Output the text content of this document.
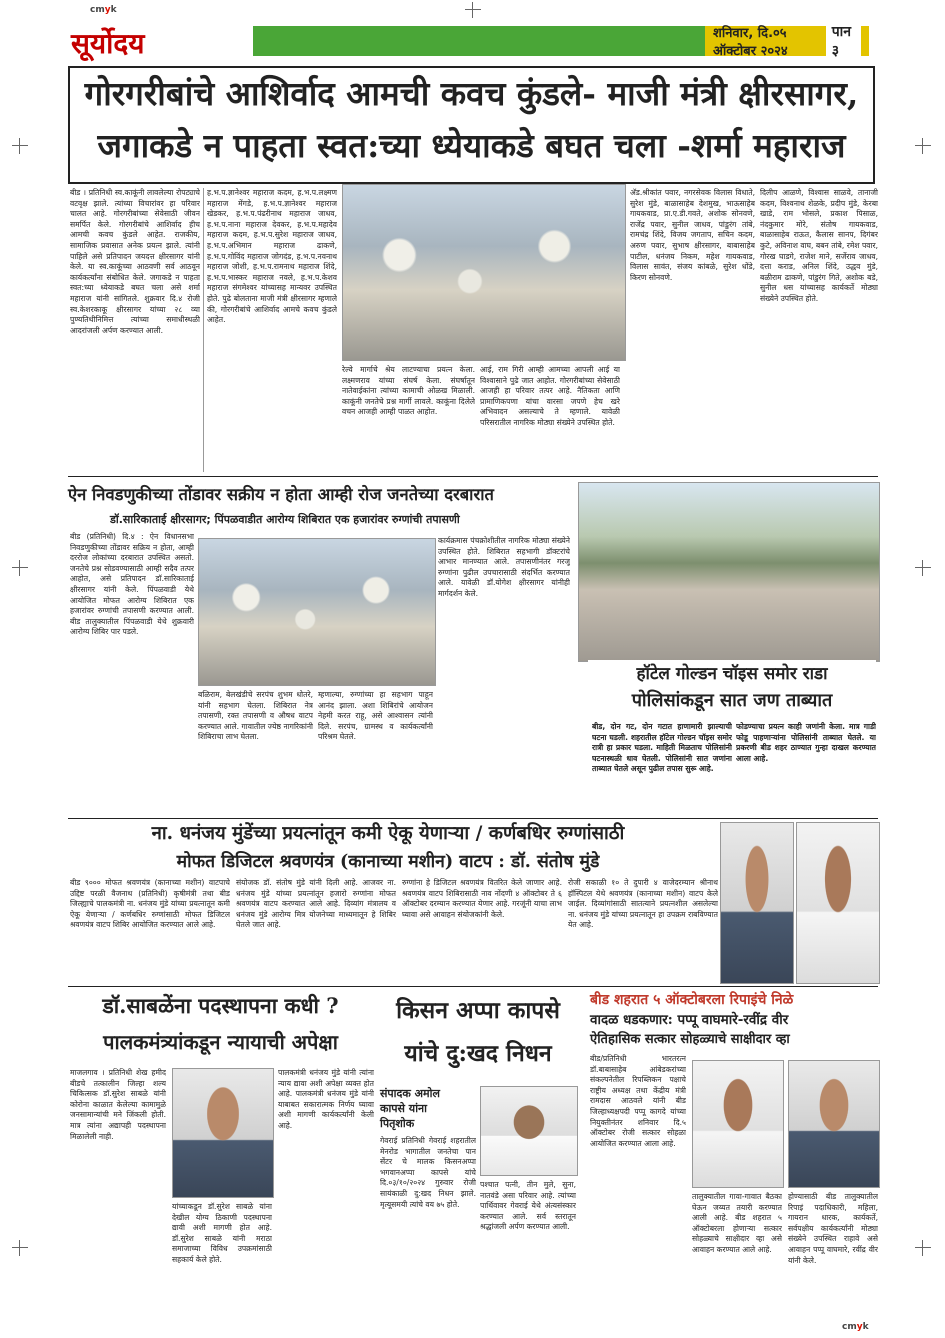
cmyk
cmyk
सूर्योदय	शनिवार, दि.०५ ऑक्टोबर २०२४
पान ३
गोरगरीबांचे आशिर्वाद आमची कवच कुंडले- माजी मंत्री क्षीरसागर,
जगाकडे न पाहता स्वत:च्या ध्येयाकडे बघत चला -शर्मा महाराज
बीड । प्रतिनिधी स्व.काकूंनी लावलेल्या रोपट्याचे वटवृक्ष झाले. त्यांच्या विचारांवर हा परिवार चालत आहे. गोरगरीबांच्या सेवेसाठी जीवन समर्पित केले. गोरगरीबांचे आशिर्वाद हीच आमची कवच कुंडले आहेत. राजकीय, सामाजिक प्रवासात अनेक प्रयत्न झाले. त्यांनी पाहिले असे प्रतिपादन जयदत्त क्षीरसागर यांनी केले. या स्व.काकूंच्या आठवणी सर्व आठवून कार्यकर्त्यांना संबोधित केले. जगाकडे न पाहता स्वत:च्या ध्येयाकडे बघत चला असे शर्मा महाराज यांनी सांगितले. शुक्रवार दि.४ रोजी स्व.केशरकाकू क्षीरसागर यांच्या २८ व्या पुण्यतिथीनिमित्त त्यांच्या समाधीस्थळी आदरांजली अर्पण करण्यात आली.
ह.भ.प.ज्ञानेश्वर महाराज कदम, ह.भ.प.लक्ष्मण महाराज मेंगडे, ह.भ.प.ज्ञानेश्वर महाराज खेडकर, ह.भ.प.पंढरीनाथ महाराज जाधव, ह.भ.प.नाना महाराज देवकर, ह.भ.प.महादेव महाराज कदम, ह.भ.प.सुरेश महाराज जाधव, ह.भ.प.अभिमान महाराज ढाकणे, ह.भ.प.गोविंद महाराज जोगदंड, ह.भ.प.नवनाथ महाराज जोशी, ह.भ.प.रामनाथ महाराज शिंदे, ह.भ.प.भास्कर महाराज नवले, ह.भ.प.केशव महाराज संगमेश्वर यांच्यासह मान्यवर उपस्थित होते. पुढे बोलताना माजी मंत्री क्षीरसागर म्हणाले की, गोरगरीबांचे आशिर्वाद आमचे कवच कुंडले आहेत.
रेल्वे मार्गाचे श्रेय लाटण्याचा प्रयत्न केला. लक्ष्मणराव यांच्या संघर्ष केला. संघर्षातून नातेवाईकांना त्यांच्या कामाची ओळख मिळाली. काकूंनी जनतेचे प्रश्न मार्गी लावले. काकूंना दिलेले वचन आजही आम्ही पाळत आहोत.
आई, राम गिरी आम्ही आमच्या आपली आई या विश्वासाने पुढे जात आहोत. गोरगरीबांच्या सेवेसाठी आजही हा परिवार तत्पर आहे. नैतिकता आणि प्रामाणिकपणा यांचा वारसा जपणे हेच खरे अभिवादन असल्याचे ते म्हणाले. यावेळी परिसरातील नागरिक मोठ्या संख्येने उपस्थित होते.
अ‍ॅड.श्रीकांत पवार, नगरसेवक विलास विधाते, सुरेश मुंडे, बाळासाहेब देशमुख, भाऊसाहेब गायकवाड, प्रा.ए.डी.गवते, अशोक सोनवणे, राजेंद्र पवार, सुनील जाधव, पांडुरंग तांबे, रामचंद्र शिंदे, विजय जगताप, सचिन कदम, अरुण पवार, सुभाष क्षीरसागर, बाबासाहेब पाटील, धनंजय निकम, महेश गायकवाड, विलास सावंत, संजय कांबळे, सुरेश धोंडे, किरण सोनवणे.
दिलीप आळणे, विश्वास साळवे, तानाजी कदम, विश्वनाथ शेळके, प्रदीप मुंडे, केरबा खाडे, राम भोसले, प्रकाश पिसाळ, नंदकुमार मोरे, संतोष गायकवाड, बाळासाहेब राऊत, कैलास सानप, दिगंबर कुटे, अविनाश वाघ, बबन तांबे, रमेश पवार, गोरख घाडगे, राजेश माने, सर्जेराव जाधव, दत्ता कराड, अनिल शिंदे, उद्धव मुंडे, बळीराम ढाकणे, पांडुरंग गिते, अशोक बडे, सुनील धस यांच्यासह कार्यकर्ते मोठ्या संख्येने उपस्थित होते.
ऐन निवडणुकीच्या तोंडावर सक्रीय न होता आम्ही रोज जनतेच्या दरबारात
डॉ.सारिकाताई क्षीरसागर; पिंपळवाडीत आरोग्य शिबिरात एक हजारांवर रुग्णांची तपासणी
बीड (प्रतिनिधी) दि.४ : ऐन विधानसभा निवडणुकीच्या तोंडावर सक्रिय न होता, आम्ही दररोज लोकांच्या दरबारात उपस्थित असतो. जनतेचे प्रश्न सोडवण्यासाठी आम्ही सदैव तत्पर आहोत, असे प्रतिपादन डॉ.सारिकाताई क्षीरसागर यांनी केले. पिंपळवाडी येथे आयोजित मोफत आरोग्य शिबिरात एक हजारांवर रुग्णांची तपासणी करण्यात आली. बीड तालुक्यातील पिंपळवाडी येथे शुक्रवारी आरोग्य शिबिर पार पडले.
कार्यक्रमास पंचक्रोशीतील नागरिक मोठ्या संख्येने उपस्थित होते. शिबिरात सहभागी डॉक्टरांचे आभार मानण्यात आले. तपासणीनंतर गरजू रुग्णांना पुढील उपचारासाठी संदर्भित करण्यात आले. यावेळी डॉ.योगेश क्षीरसागर यांनीही मार्गदर्शन केले.
बळिराम, बेलखंडीचे सरपंच शुभम धोतरे, यांनी सहभाग घेतला. शिबिरात नेत्र तपासणी, रक्त तपासणी व औषध वाटप करण्यात आले. गावातील ज्येष्ठ नागरिकांनी शिबिराचा लाभ घेतला.
म्हणाल्या, रुग्णांच्या हा सहभाग पाहून आनंद झाला. अशा शिबिरांचे आयोजन नेहमी करत राहू, असे आश्वासन त्यांनी दिले. सरपंच, ग्रामस्थ व कार्यकर्त्यांनी परिश्रम घेतले.
हॉटेल गोल्डन चॉइस समोर राडा
पोलिसांकडून सात जण ताब्यात
बीड, दोन गट, दोन गटात हाणामारी झाल्याची घटना घडली. शहरातील हॉटेल गोल्डन चॉइस समोर रात्री हा प्रकार घडला. माहिती मिळताच पोलिसांनी घटनास्थळी धाव घेतली. पोलिसांनी सात जणांना ताब्यात घेतले असून पुढील तपास सुरू आहे.
फोडण्याचा प्रयत्न काही जणांनी केला. मात्र गाडी फोडू पाहणाऱ्यांना पोलिसांनी ताब्यात घेतले. या प्रकरणी बीड शहर ठाण्यात गुन्हा दाखल करण्यात आला आहे.
ना. धनंजय मुंडेंच्या प्रयत्नांतून कमी ऐकू येणाऱ्या / कर्णबधिर रुग्णांसाठी
मोफत डिजिटल श्रवणयंत्र (कानाच्या मशीन) वाटप : डॉ. संतोष मुंडे
बीड ९००० मोफत श्रवणयंत्र (कानाच्या मशीन) वाटपाचे उद्दिष्ट परळी वैजनाथ (प्रतिनिधी) कृषीमंत्री तथा बीड जिल्ह्याचे पालकमंत्री ना. धनंजय मुंडे यांच्या प्रयत्नातून कमी ऐकू येणाऱ्या / कर्णबधिर रुग्णांसाठी मोफत डिजिटल श्रवणयंत्र वाटप शिबिर आयोजित करण्यात आले आहे.
संयोजक डॉ. संतोष मुंडे यांनी दिली आहे. आजवर ना. धनंजय मुंडे यांच्या प्रयत्नांतून हजारो रुग्णांना मोफत श्रवणयंत्र वाटप करण्यात आले आहे. दिव्यांग मंत्रालय व धनंजय मुंडे आरोग्य मित्र योजनेच्या माध्यमातून हे शिबिर घेतले जात आहे.
रुग्णांना हे डिजिटल श्रवणयंत्र वितरित केले जाणार आहे. श्रवणयंत्र वाटप शिबिरासाठी नाव नोंदणी ४ ऑक्टोबर ते ६ ऑक्टोबर दरम्यान करण्यात येणार आहे. गरजूंनी याचा लाभ घ्यावा असे आवाहन संयोजकांनी केले.
रोजी सकाळी १० ते दुपारी ४ वाजेदरम्यान श्रीनाथ हॉस्पिटल येथे श्रवणयंत्र (कानाच्या मशीन) वाटप केले जाईल. दिव्यांगांसाठी सातत्याने प्रयत्नशील असलेल्या ना. धनंजय मुंडे यांच्या प्रयत्नातून हा उपक्रम राबविण्यात येत आहे.
डॉ.साबळेंना पदस्थापना कधी ?
पालकमंत्र्यांकडून न्यायाची अपेक्षा
माजलगाव । प्रतिनिधी शेख हमीद बीडचे तत्कालीन जिल्हा शल्य चिकित्सक डॉ.सुरेश साबळे यांनी कोरोना काळात केलेल्या कामामुळे जनसामान्यांची मने जिंकली होती. मात्र त्यांना अद्यापही पदस्थापना मिळालेली नाही.
यांच्याकडून डॉ.सुरेश साबळे यांना देखील योग्य ठिकाणी पदस्थापना द्यावी अशी मागणी होत आहे. डॉ.सुरेश साबळे यांनी मराठा समाजाच्या विविध उपक्रमांसाठी सहकार्य केले होते.
पालकमंत्री धनंजय मुंडे यांनी त्यांना न्याय द्यावा अशी अपेक्षा व्यक्त होत आहे. पालकमंत्री धनंजय मुंडे यांनी याबाबत सकारात्मक निर्णय घ्यावा अशी मागणी कार्यकर्त्यांनी केली आहे.
किसन अप्पा कापसे
यांचे दु:खद निधन
संपादक अमोल
कापसे यांना
पितृशोक
गेवराई प्रतिनिधी गेवराई शहरातील मेनरोड भागातील जनतेचा पान सेंटर चे मालक किसनअप्पा भगवानअप्पा कापसे यांचे दि.०३/१०/२०२४ गुरुवार रोजी सायंकाळी दु:खद निधन झाले. मृत्यूसमयी त्यांचे वय ७५ होते.
पश्चात पत्नी, तीन मुले, सुना, नातवंडे असा परिवार आहे. त्यांच्या पार्थिवावर गेवराई येथे अंत्यसंस्कार करण्यात आले. सर्व स्तरातून श्रद्धांजली अर्पण करण्यात आली.
बीड शहरात ५ ऑक्टोबरला रिपाइंचे निळे
वादळ धडकणार: पप्पू वाघमारे-रवींद्र वीर
ऐतिहासिक सत्कार सोहळ्याचे साक्षीदार व्हा
बीड/प्रतिनिधी भारतरत्न डॉ.बाबासाहेब आंबेडकरांच्या संकल्पनेतील रिपब्लिकन पक्षाचे राष्ट्रीय अध्यक्ष तथा केंद्रीय मंत्री रामदास आठवले यांनी बीड जिल्हाध्यक्षपदी पप्पू कागदे यांच्या नियुक्तीनंतर शनिवार दि.५ ऑक्टोबर रोजी सत्कार सोहळा आयोजित करण्यात आला आहे.
तालुक्यातील गावा-गावात बैठका घेऊन जय्यत तयारी करण्यात आली आहे. बीड शहरात ५ ऑक्टोबरला होणाऱ्या सत्कार सोहळ्याचे साक्षीदार व्हा असे आवाहन करण्यात आले आहे.
होण्यासाठी बीड तालुक्यातील रिपाइं पदाधिकारी, महिला, गायरान धारक, कार्यकर्ते, सर्वपक्षीय कार्यकर्त्यांनी मोठ्या संख्येने उपस्थित राहावे असे आवाहन पप्पू वाघमारे, रवींद्र वीर यांनी केले.
